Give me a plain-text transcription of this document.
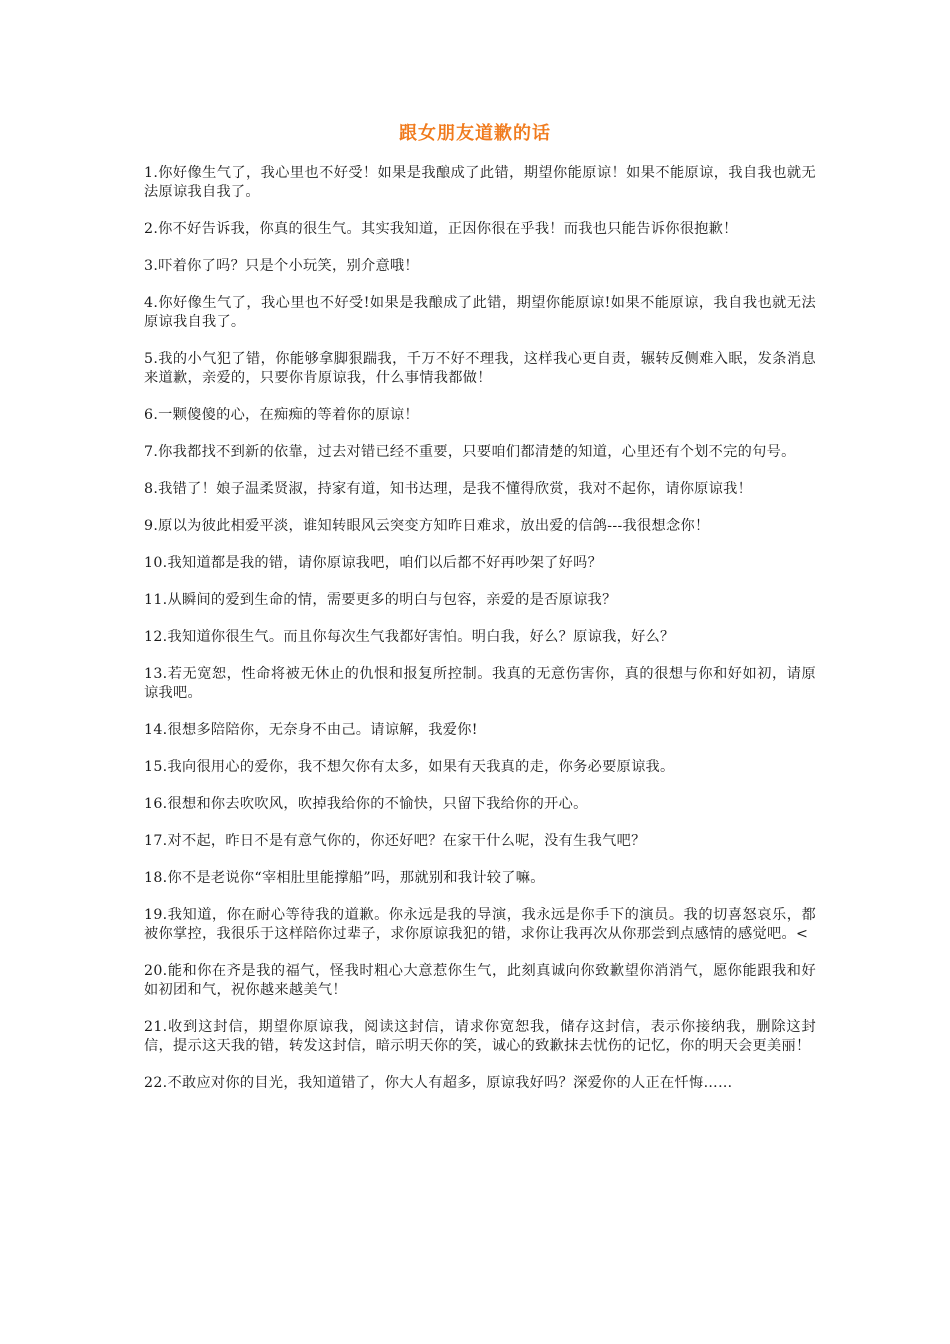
跟女朋友道歉的话

1.你好像生气了，我心里也不好受！如果是我酿成了此错，期望你能原谅！如果不能原谅，我自我也就无法原谅我自我了。

2.你不好告诉我，你真的很生气。其实我知道，正因你很在乎我！而我也只能告诉你很抱歉！

3.吓着你了吗？只是个小玩笑，别介意哦！

4.你好像生气了，我心里也不好受!如果是我酿成了此错，期望你能原谅!如果不能原谅，我自我也就无法原谅我自我了。

5.我的小气犯了错，你能够拿脚狠踹我，千万不好不理我，这样我心更自责，辗转反侧难入眠，发条消息来道歉，亲爱的，只要你肯原谅我，什么事情我都做！

6.一颗傻傻的心，在痴痴的等着你的原谅！

7.你我都找不到新的依靠，过去对错已经不重要，只要咱们都清楚的知道，心里还有个划不完的句号。

8.我错了！娘子温柔贤淑，持家有道，知书达理，是我不懂得欣赏，我对不起你，请你原谅我！

9.原以为彼此相爱平淡，谁知转眼风云突变方知昨日难求，放出爱的信鸽---我很想念你！

10.我知道都是我的错，请你原谅我吧，咱们以后都不好再吵架了好吗？

11.从瞬间的爱到生命的情，需要更多的明白与包容，亲爱的是否原谅我？

12.我知道你很生气。而且你每次生气我都好害怕。明白我，好么？原谅我，好么？

13.若无宽恕，性命将被无休止的仇恨和报复所控制。我真的无意伤害你，真的很想与你和好如初，请原谅我吧。

14.很想多陪陪你，无奈身不由己。请谅解，我爱你!

15.我向很用心的爱你，我不想欠你有太多，如果有天我真的走，你务必要原谅我。

16.很想和你去吹吹风，吹掉我给你的不愉快，只留下我给你的开心。

17.对不起，昨日不是有意气你的，你还好吧？在家干什么呢，没有生我气吧？

18.你不是老说你“宰相肚里能撑船”吗，那就别和我计较了嘛。

19.我知道，你在耐心等待我的道歉。你永远是我的导演，我永远是你手下的演员。我的切喜怒哀乐，都被你掌控，我很乐于这样陪你过辈子，求你原谅我犯的错，求你让我再次从你那尝到点感情的感觉吧。<

20.能和你在齐是我的福气，怪我时粗心大意惹你生气，此刻真诚向你致歉望你消消气，愿你能跟我和好如初团和气，祝你越来越美气！

21.收到这封信，期望你原谅我，阅读这封信，请求你宽恕我，储存这封信，表示你接纳我，删除这封信，提示这天我的错，转发这封信，暗示明天你的笑，诚心的致歉抹去忧伤的记忆，你的明天会更美丽！

22.不敢应对你的目光，我知道错了，你大人有超多，原谅我好吗？深爱你的人正在忏悔……
